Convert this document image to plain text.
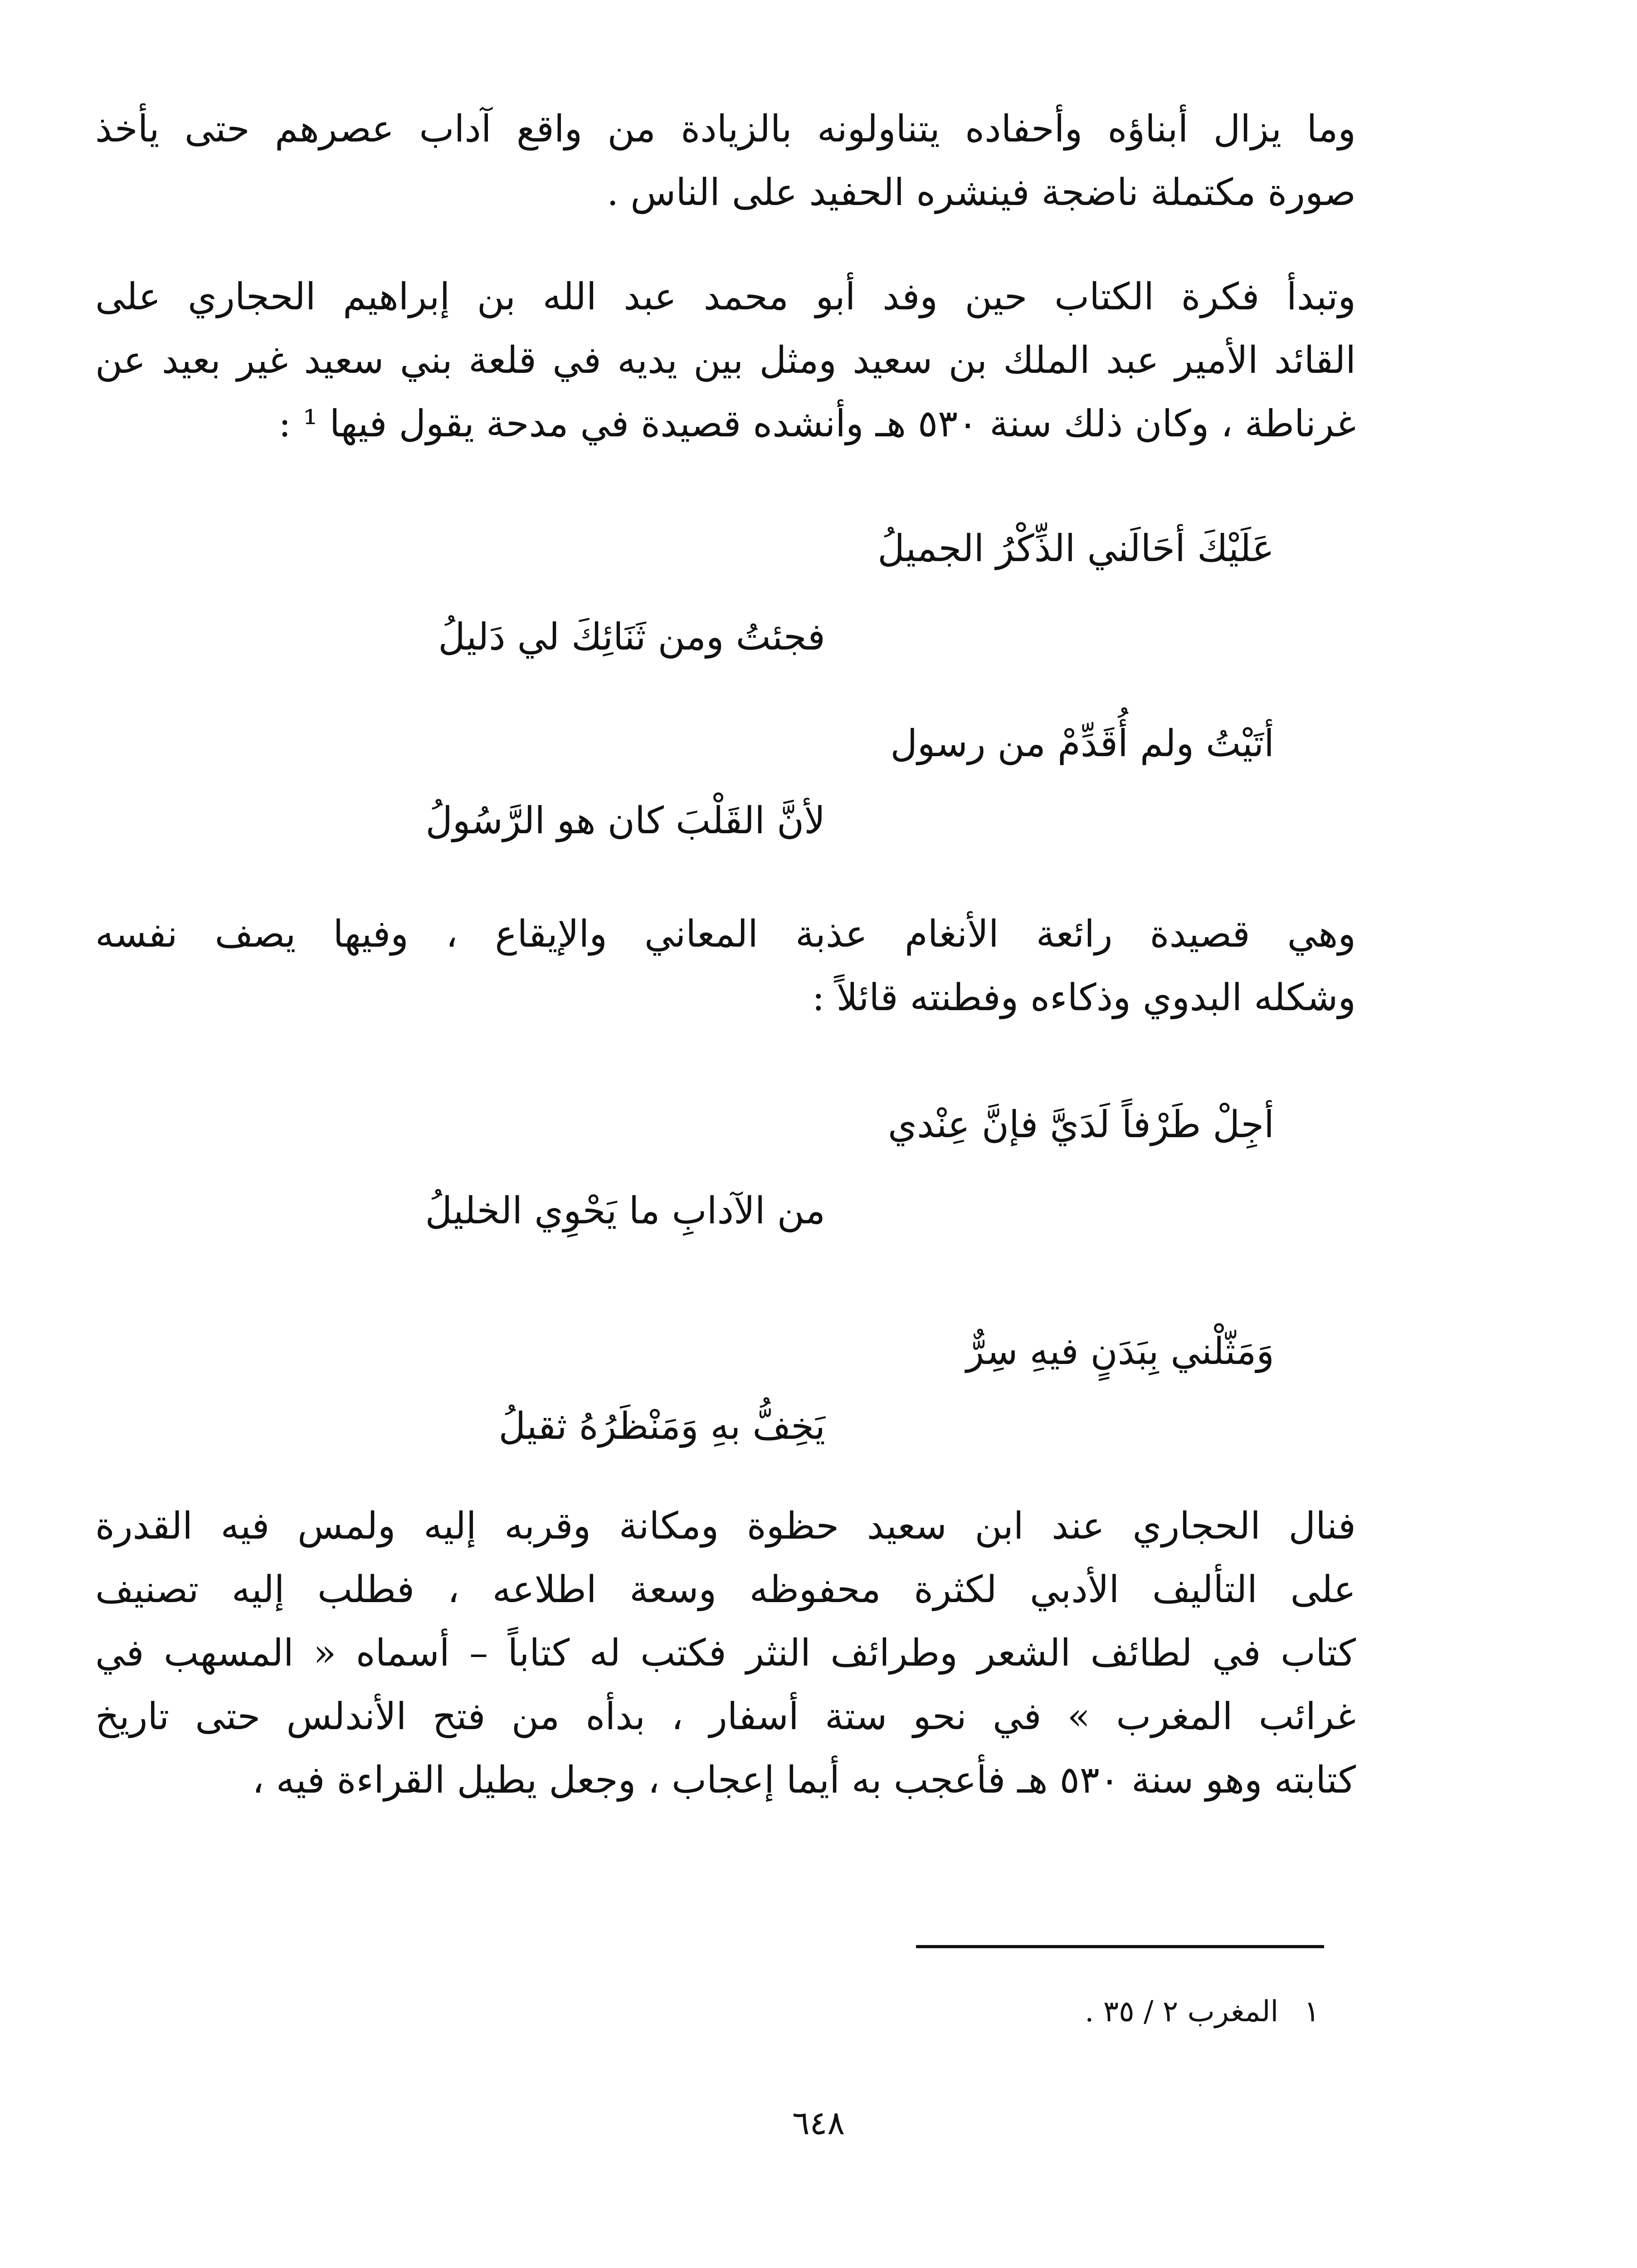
وما يزال أبناؤه وأحفاده يتناولونه بالزيادة من واقع آداب عصرهم حتى يأخذ
صورة مكتملة ناضجة فينشره الحفيد على الناس .
وتبدأ فكرة الكتاب حين وفد أبو محمد عبد الله بن إبراهيم الحجاري على
القائد الأمير عبد الملك بن سعيد ومثل بين يديه في قلعة بني سعيد غير بعيد عن
غرناطة ، وكان ذلك سنة ٥٣٠ هـ وأنشده قصيدة في مدحة يقول فيها ¹ :
عَلَيْكَ أحَالَني الذِّكْرُ الجميلُ
فجئتُ ومن ثَنَائِكَ لي دَليلُ
أتَيْتُ ولم أُقَدِّمْ من رسول
لأنَّ القَلْبَ كان هو الرَّسُولُ
وهي قصيدة رائعة الأنغام عذبة المعاني والإيقاع ، وفيها يصف نفسه
وشكله البدوي وذكاءه وفطنته قائلاً :
أجِلْ طَرْفاً لَدَيَّ فإنَّ عِنْدي
من الآدابِ ما يَحْوِي الخليلُ
وَمَثّلْني بِبَدَنٍ فيهِ سِرٌّ
يَخِفُّ بهِ وَمَنْظَرُهُ ثقيلُ
فنال الحجاري عند ابن سعيد حظوة ومكانة وقربه إليه ولمس فيه القدرة
على التأليف الأدبي لكثرة محفوظه وسعة اطلاعه ، فطلب إليه تصنيف
كتاب في لطائف الشعر وطرائف النثر فكتب له كتاباً – أسماه « المسهب في
غرائب المغرب » في نحو ستة أسفار ، بدأه من فتح الأندلس حتى تاريخ
كتابته وهو سنة ٥٣٠ هـ فأعجب به أيما إعجاب ، وجعل يطيل القراءة فيه ،
١ المغرب ٢ / ٣٥ .
٦٤٨
